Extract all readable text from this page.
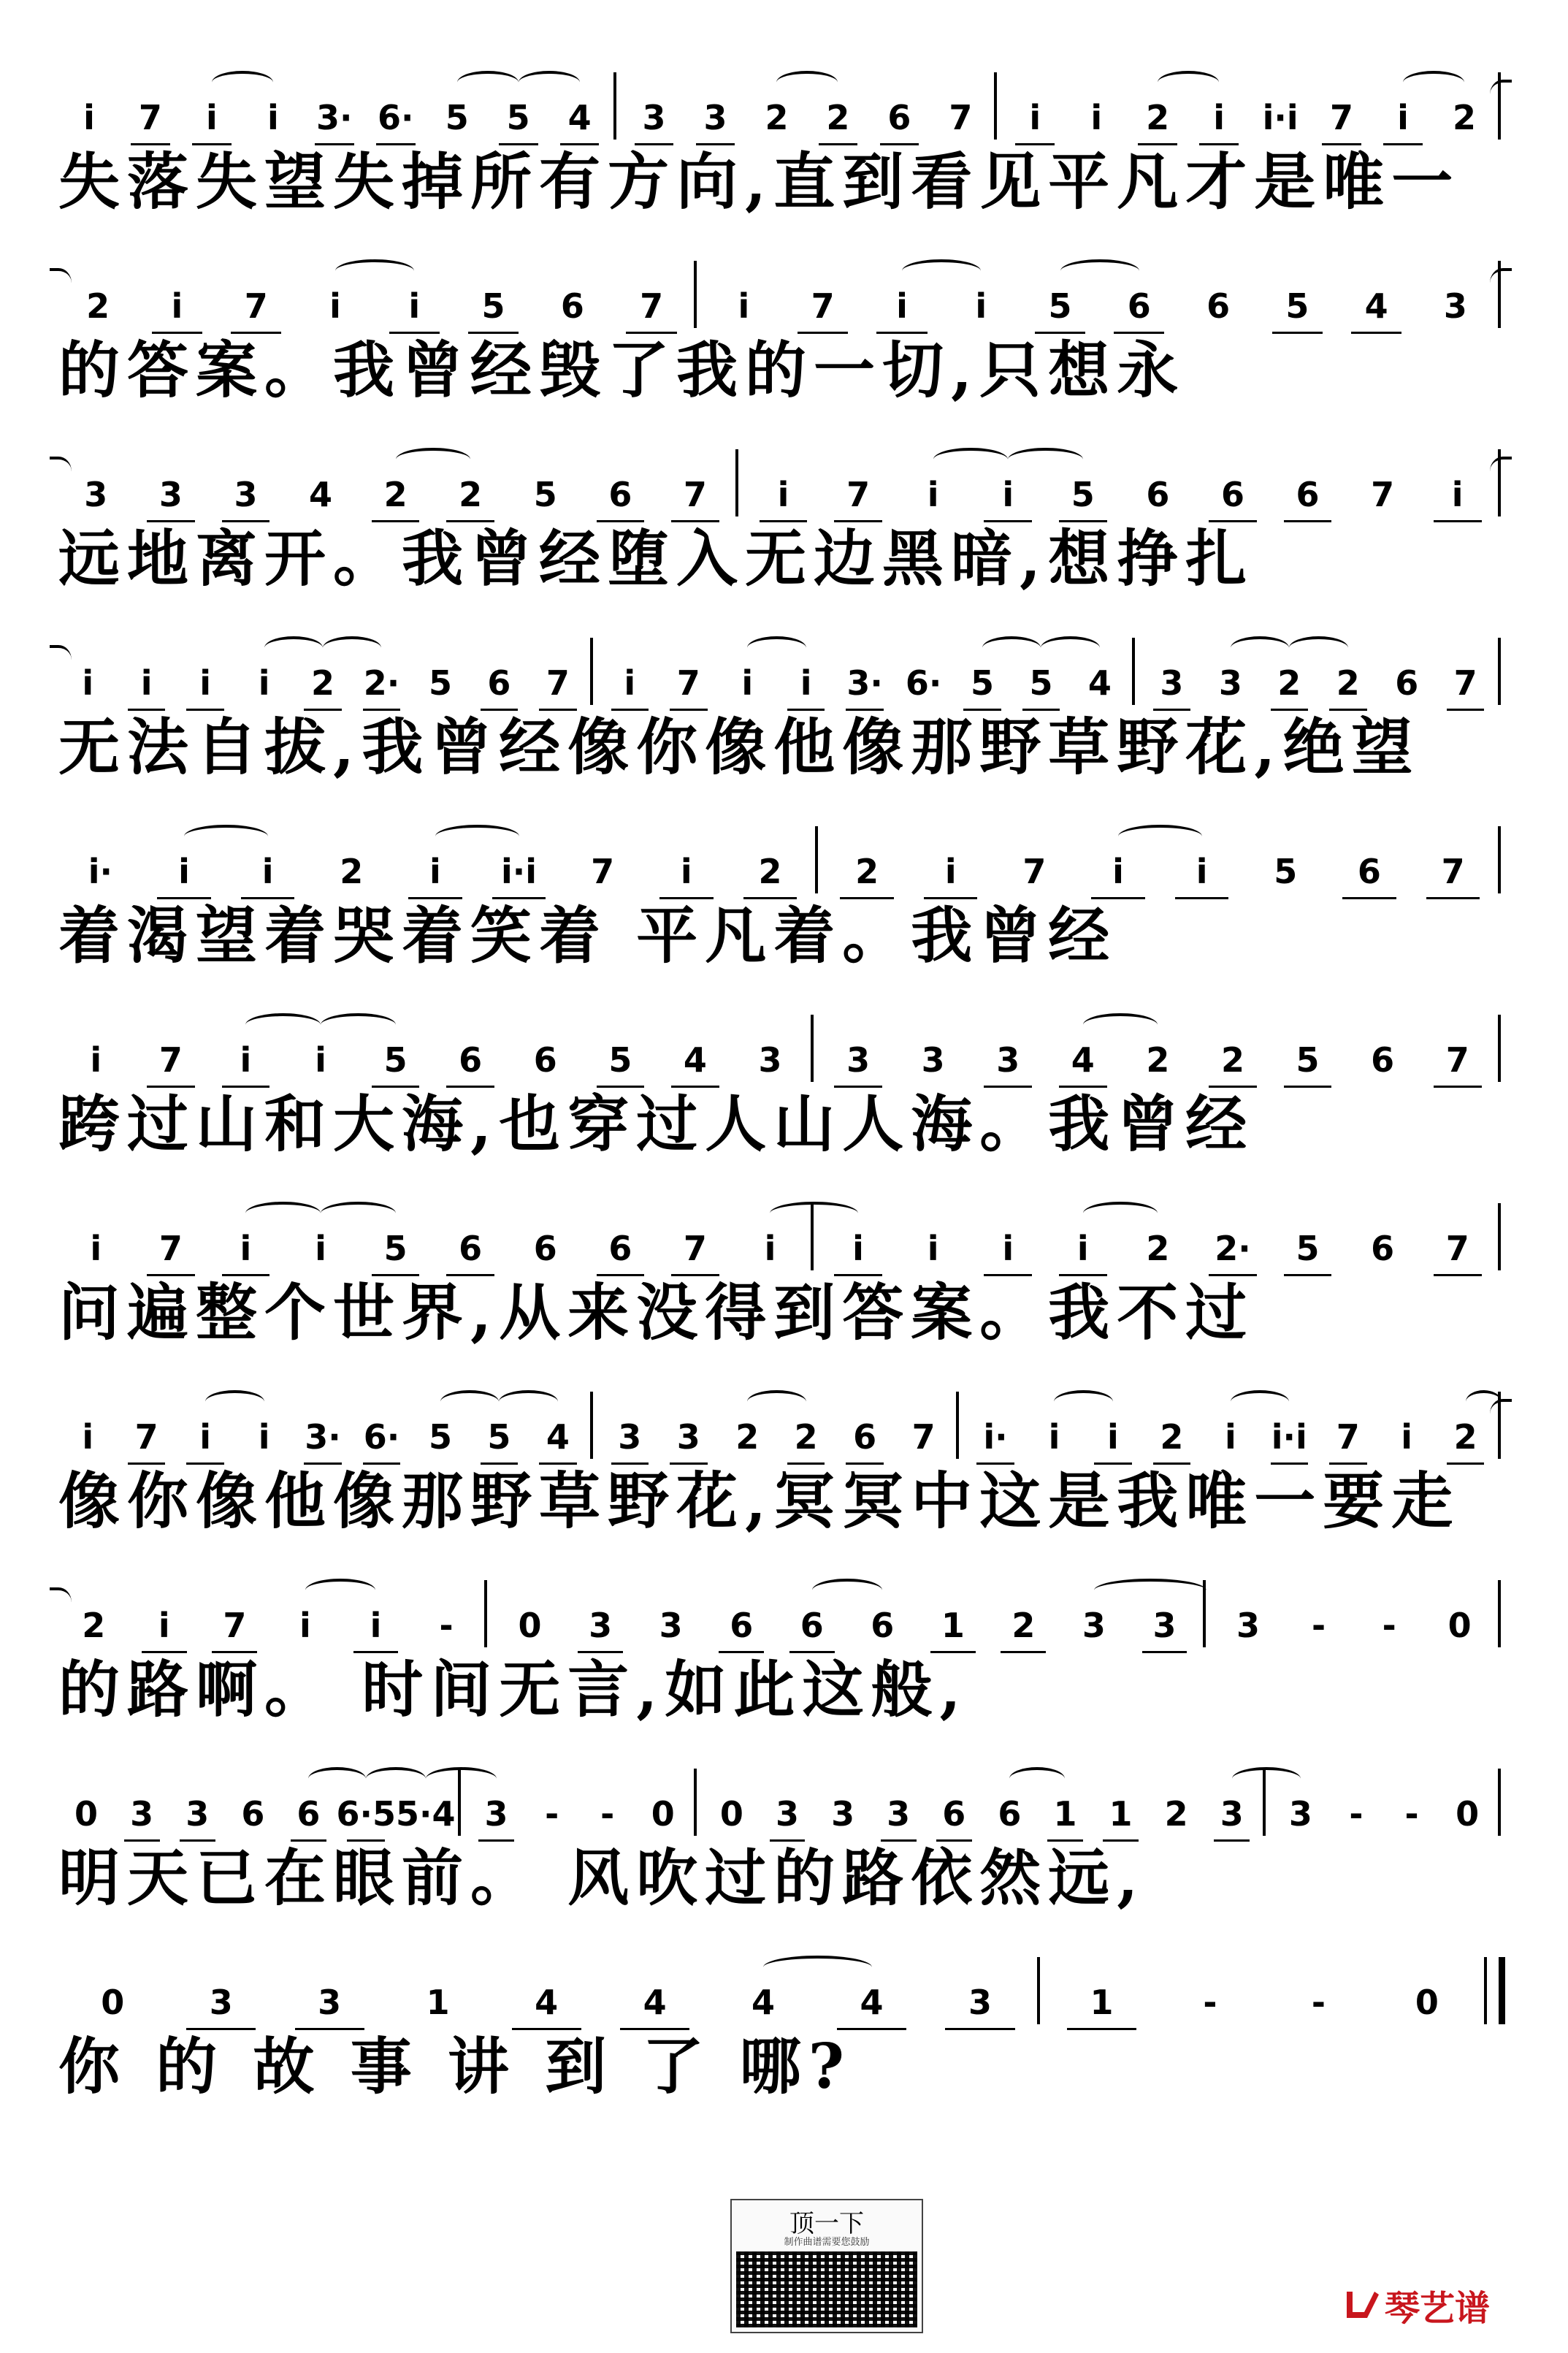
i	7	i	i	3· 6· 5	5	4	3	3	2	2	6	7	i	i	2	i	i·i 7	i	2
失落失望失掉所有方向,直到看见平凡才是唯一
2	i	7	i	i	5	6	7	i	7	i	i	5	6	6	5	4	3
的答案。我曾经毁了我的一切,只想永
3	3	3	4	2	2	5	6	7	i	7	i	i	5	6	6	6	7	i
远地离开。我曾经堕入无边黑暗,想挣扎
i	i	i	i	2 2· 5	6	7	i	7	i	i	3· 6· 5	5	4	3	3	2	2	6	7
无法自拔,我曾经像你像他像那野草野花,绝望
i·	i	i	2	i	i·i	7	i	2	2	i	7	i	i	5	6	7
着渴望着哭着笑着 平凡着。我曾经
i	7	i	i	5	6	6	5	4	3	3	3	3	4	2	2	5	6	7
跨过山和大海,也穿过人山人海。我曾经
i	7	i	i	5	6	6	6	7	i	i	i	i	i	2	2·	5	6	7
问遍整个世界,从来没得到答案。我不过
i	7	i	i	3· 6· 5	5	4	3	3	2	2	6	7	i·	i	i	2	i	i·i 7	i	2
像你像他像那野草野花,冥冥中这是我唯一要走
2	i	7	i	i	-	0	3	3	6	6	6	1	2	3	3	3	-	-	0
的路啊。 时间无言,如此这般,
0 3 3 6 6 6·5 5·4 3	-	-	0	0 3 3 3 6 6 1 1 2 3	3	-	-	0
明天已在眼前。 风吹过的路依然远,
0	3	3	1	4	4	4	4	3	1	-	-	0
你 的 故 事 讲 到 了 哪?
顶一下
制作曲谱需要您鼓励
琴艺谱
